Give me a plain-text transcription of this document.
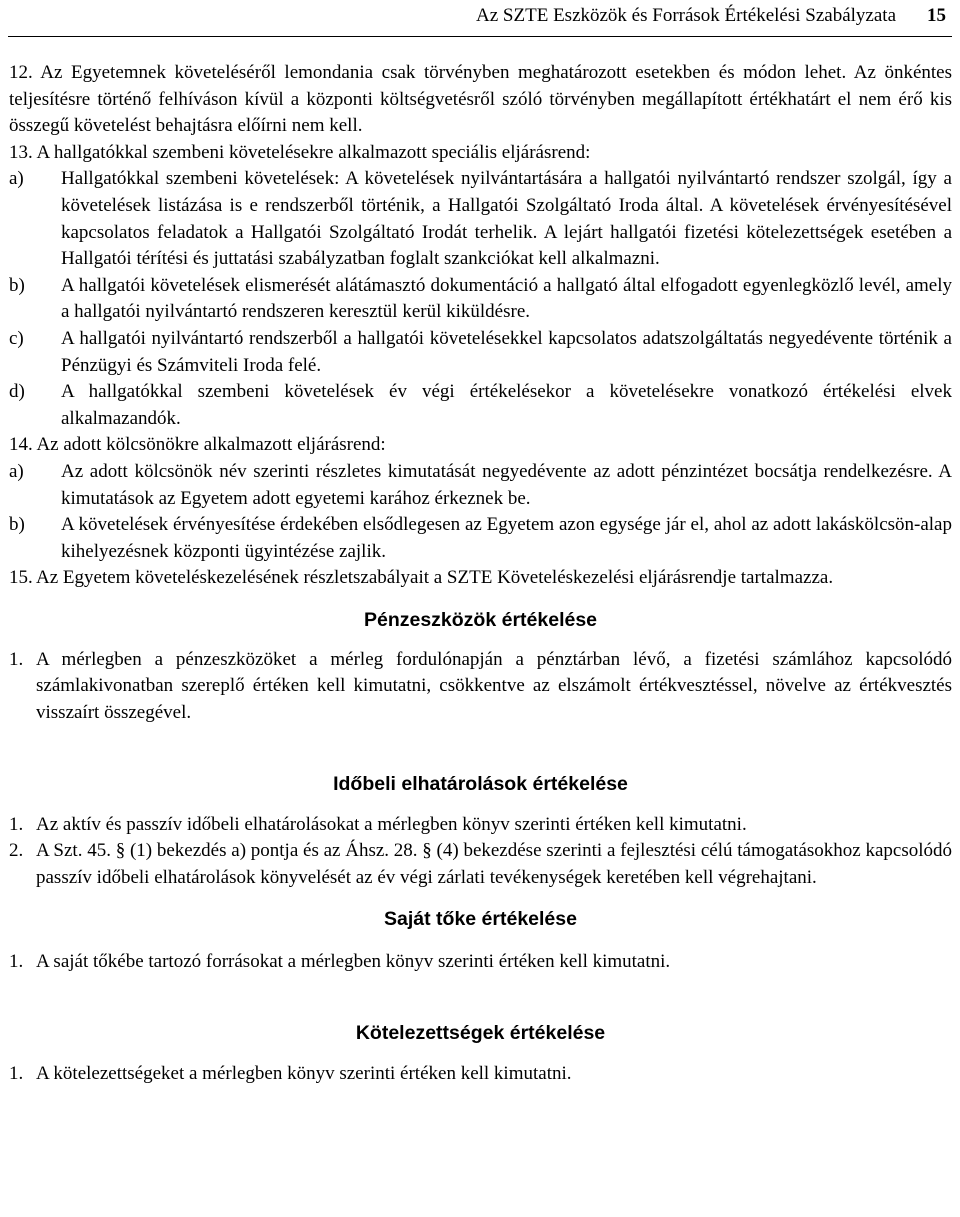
Az SZTE Eszközök és Források Értékelési Szabályzata 15
12. Az Egyetemnek követeléséről lemondania csak törvényben meghatározott esetekben és módon lehet. Az önkéntes teljesítésre történő felhíváson kívül a központi költségvetésről szóló törvényben megállapított értékhatárt el nem érő kis összegű követelést behajtásra előírni nem kell.
13. A hallgatókkal szembeni követelésekre alkalmazott speciális eljárásrend:
a) Hallgatókkal szembeni követelések: A követelések nyilvántartására a hallgatói nyilvántartó rendszer szolgál, így a követelések listázása is e rendszerből történik, a Hallgatói Szolgáltató Iroda által. A követelések érvényesítésével kapcsolatos feladatok a Hallgatói Szolgáltató Irodát terhelik. A lejárt hallgatói fizetési kötelezettségek esetében a Hallgatói térítési és juttatási szabályzatban foglalt szankciókat kell alkalmazni.
b) A hallgatói követelések elismerését alátámasztó dokumentáció a hallgató által elfogadott egyenlegközlő levél, amely a hallgatói nyilvántartó rendszeren keresztül kerül kiküldésre.
c) A hallgatói nyilvántartó rendszerből a hallgatói követelésekkel kapcsolatos adatszolgáltatás negyedévente történik a Pénzügyi és Számviteli Iroda felé.
d) A hallgatókkal szembeni követelések év végi értékelésekor a követelésekre vonatkozó értékelési elvek alkalmazandók.
14. Az adott kölcsönökre alkalmazott eljárásrend:
a) Az adott kölcsönök név szerinti részletes kimutatását negyedévente az adott pénzintézet bocsátja rendelkezésre. A kimutatások az Egyetem adott egyetemi karához érkeznek be.
b) A követelések érvényesítése érdekében elsődlegesen az Egyetem azon egysége jár el, ahol az adott lakáskölcsön-alap kihelyezésnek központi ügyintézése zajlik.
15. Az Egyetem követeléskezelésének részletszabályait a SZTE Követeléskezelési eljárásrendje tartalmazza.
Pénzeszközök értékelése
1. A mérlegben a pénzeszközöket a mérleg fordulónapján a pénztárban lévő, a fizetési számlához kapcsolódó számlakivonatban szereplő értéken kell kimutatni, csökkentve az elszámolt értékvesztéssel, növelve az értékvesztés visszaírt összegével.
Időbeli elhatárolások értékelése
1. Az aktív és passzív időbeli elhatárolásokat a mérlegben könyv szerinti értéken kell kimutatni.
2. A Szt. 45. § (1) bekezdés a) pontja és az Áhsz. 28. § (4) bekezdése szerinti a fejlesztési célú támogatásokhoz kapcsolódó passzív időbeli elhatárolások könyvelését az év végi zárlati tevékenységek keretében kell végrehajtani.
Saját tőke értékelése
1. A saját tőkébe tartozó forrásokat a mérlegben könyv szerinti értéken kell kimutatni.
Kötelezettségek értékelése
1. A kötelezettségeket a mérlegben könyv szerinti értéken kell kimutatni.
